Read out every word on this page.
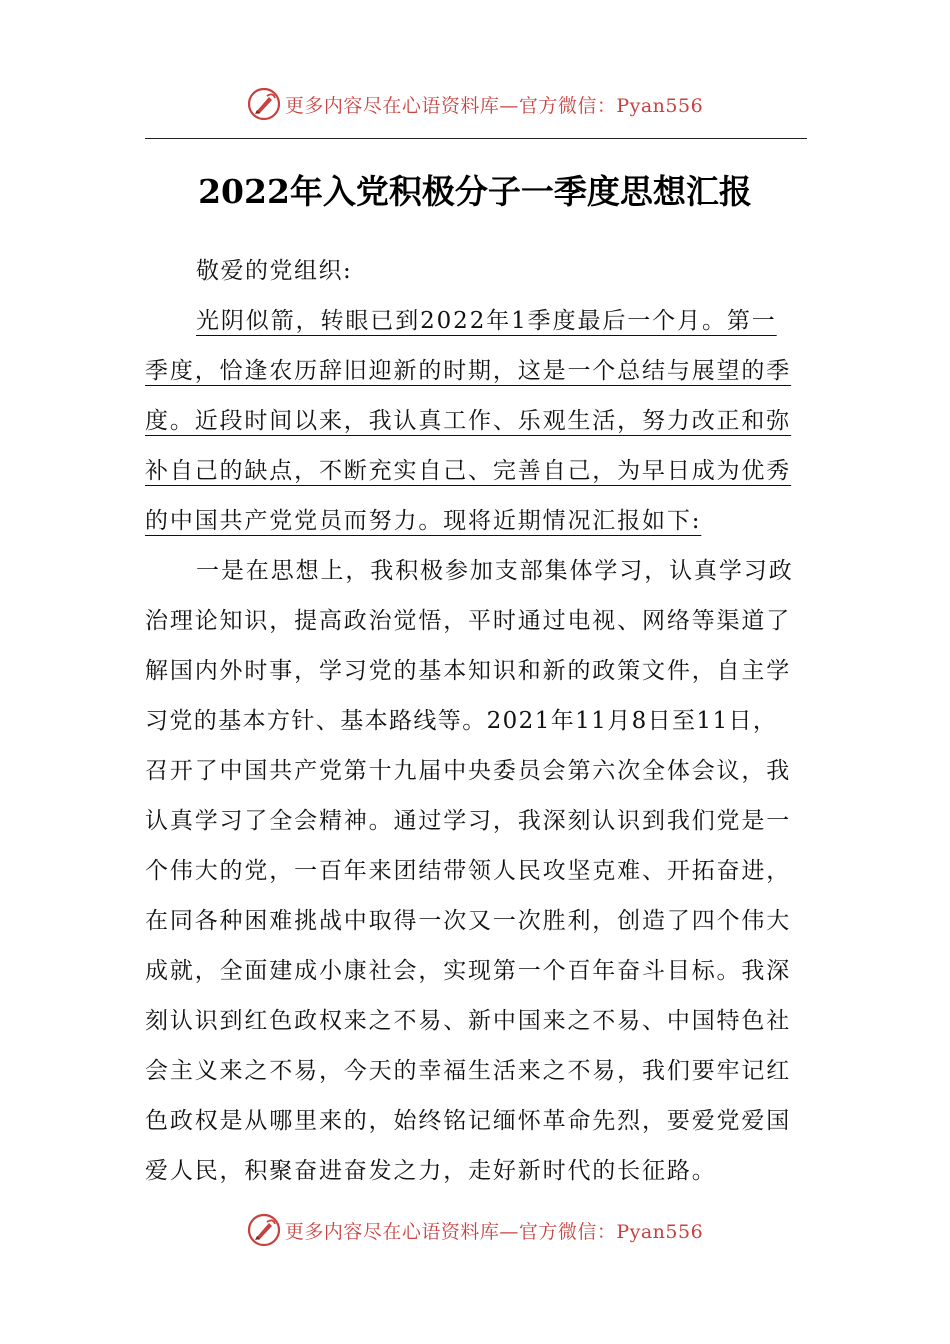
更多内容尽在心语资料库—官方微信：Pyan556
2022年入党积极分子一季度思想汇报
敬爱的党组织:
光阴似箭，转眼已到2022年1季度最后一个月。第一
季度，恰逢农历辞旧迎新的时期，这是一个总结与展望的季
度。近段时间以来，我认真工作、乐观生活，努力改正和弥
补自己的缺点，不断充实自己、完善自己，为早日成为优秀
的中国共产党党员而努力。现将近期情况汇报如下:
一是在思想上，我积极参加支部集体学习，认真学习政
治理论知识，提高政治觉悟，平时通过电视、网络等渠道了
解国内外时事，学习党的基本知识和新的政策文件，自主学
习党的基本方针、基本路线等。2021年11月8日至11日，
召开了中国共产党第十九届中央委员会第六次全体会议，我
认真学习了全会精神。通过学习，我深刻认识到我们党是一
个伟大的党，一百年来团结带领人民攻坚克难、开拓奋进，
在同各种困难挑战中取得一次又一次胜利，创造了四个伟大
成就，全面建成小康社会，实现第一个百年奋斗目标。我深
刻认识到红色政权来之不易、新中国来之不易、中国特色社
会主义来之不易，今天的幸福生活来之不易，我们要牢记红
色政权是从哪里来的，始终铭记缅怀革命先烈，要爱党爱国
爱人民，积聚奋进奋发之力，走好新时代的长征路。
更多内容尽在心语资料库—官方微信：Pyan556
